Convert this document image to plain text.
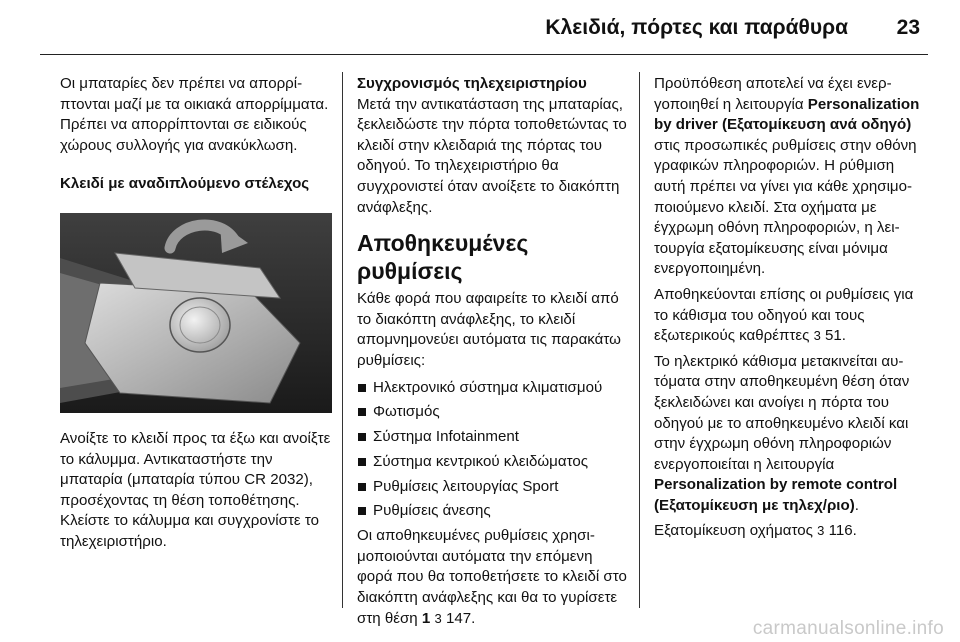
Κλειδιά, πόρτες και παράθυρα 23

Οι μπαταρίες δεν πρέπει να απορρίπτονται μαζί με τα οικιακά απορρίμματα. Πρέπει να απορρίπτονται σε ειδικούς χώρους συλλογής για ανακύκλωση.

Κλειδί με αναδιπλούμενο στέλεχος

Ανοίξτε το κλειδί προς τα έξω και ανοίξτε το κάλυμμα. Αντικαταστήστε την μπαταρία (μπαταρία τύπου CR 2032), προσέχοντας τη θέση τοποθέτησης. Κλείστε το κάλυμμα και συγχρονίστε το τηλεχειριστήριο.

Συγχρονισμός τηλεχειριστηρίου

Μετά την αντικατάσταση της μπαταρίας, ξεκλειδώστε την πόρτα τοποθετώντας το κλειδί στην κλειδαριά της πόρτας του οδηγού. Το τηλεχειριστήριο θα συγχρονιστεί όταν ανοίξετε το διακόπτη ανάφλεξης.

Αποθηκευμένες ρυθμίσεις

Κάθε φορά που αφαιρείτε το κλειδί από το διακόπτη ανάφλεξης, το κλειδί απομνημονεύει αυτόματα τις παρακάτω ρυθμίσεις:

Ηλεκτρονικό σύστημα κλιματισμού
Φωτισμός
Σύστημα Infotainment
Σύστημα κεντρικού κλειδώματος
Ρυθμίσεις λειτουργίας Sport
Ρυθμίσεις άνεσης

Οι αποθηκευμένες ρυθμίσεις χρησιμοποιούνται αυτόματα την επόμενη φορά που θα τοποθετήσετε το κλειδί στο διακόπτη ανάφλεξης και θα το γυρίσετε στη θέση 1 3 147.

Προϋπόθεση αποτελεί να έχει ενεργοποιηθεί η λειτουργία Personalization by driver (Εξατομίκευση ανά οδηγό) στις προσωπικές ρυθμίσεις στην οθόνη γραφικών πληροφοριών. Η ρύθμιση αυτή πρέπει να γίνει για κάθε χρησιμοποιούμενο κλειδί. Στα οχήματα με έγχρωμη οθόνη πληροφοριών, η λειτουργία εξατομίκευσης είναι μόνιμα ενεργοποιημένη.

Αποθηκεύονται επίσης οι ρυθμίσεις για το κάθισμα του οδηγού και τους εξωτερικούς καθρέπτες 3 51.

Το ηλεκτρικό κάθισμα μετακινείται αυτόματα στην αποθηκευμένη θέση όταν ξεκλειδώνει και ανοίγει η πόρτα του οδηγού με το αποθηκευμένο κλειδί και στην έγχρωμη οθόνη πληροφοριών ενεργοποιείται η λειτουργία Personalization by remote control (Εξατομίκευση με τηλεχ/ριο).

Εξατομίκευση οχήματος 3 116.

carmanualsonline.info
